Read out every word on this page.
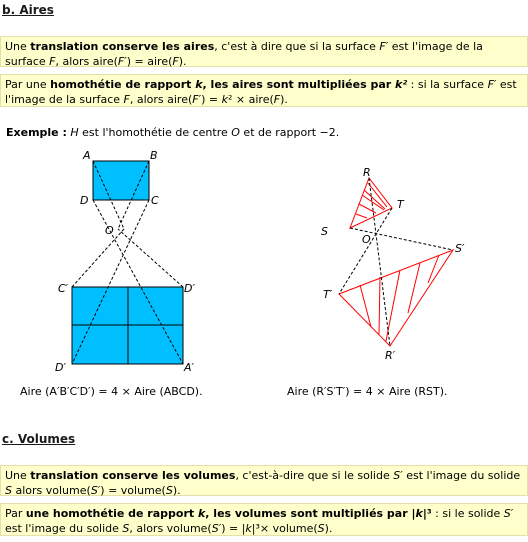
b. Aires
Une translation conserve les aires, c'est à dire que si la surface F′ est l'image de la surface F, alors aire(F′) = aire(F).
Par une homothétie de rapport k, les aires sont multipliées par k² : si la surface F′ est l'image de la surface F, alors aire(F′) = k² × aire(F).
Exemple : H est l'homothétie de centre O et de rapport −2.
A	B
D	C
O
C′	D′
D′	A′
Aire (A′B′C′D′) = 4 × Aire (ABCD).
R
S
T
O
S′
T′
R′
Aire (R′S′T′) = 4 × Aire (RST).
c. Volumes
Une translation conserve les volumes, c'est-à-dire que si le solide S′ est l'image du solide S alors volume(S′) = volume(S).
Par une homothétie de rapport k, les volumes sont multipliés par |k|³ : si le solide S′ est l'image du solide S, alors volume(S′) = |k|³× volume(S).
